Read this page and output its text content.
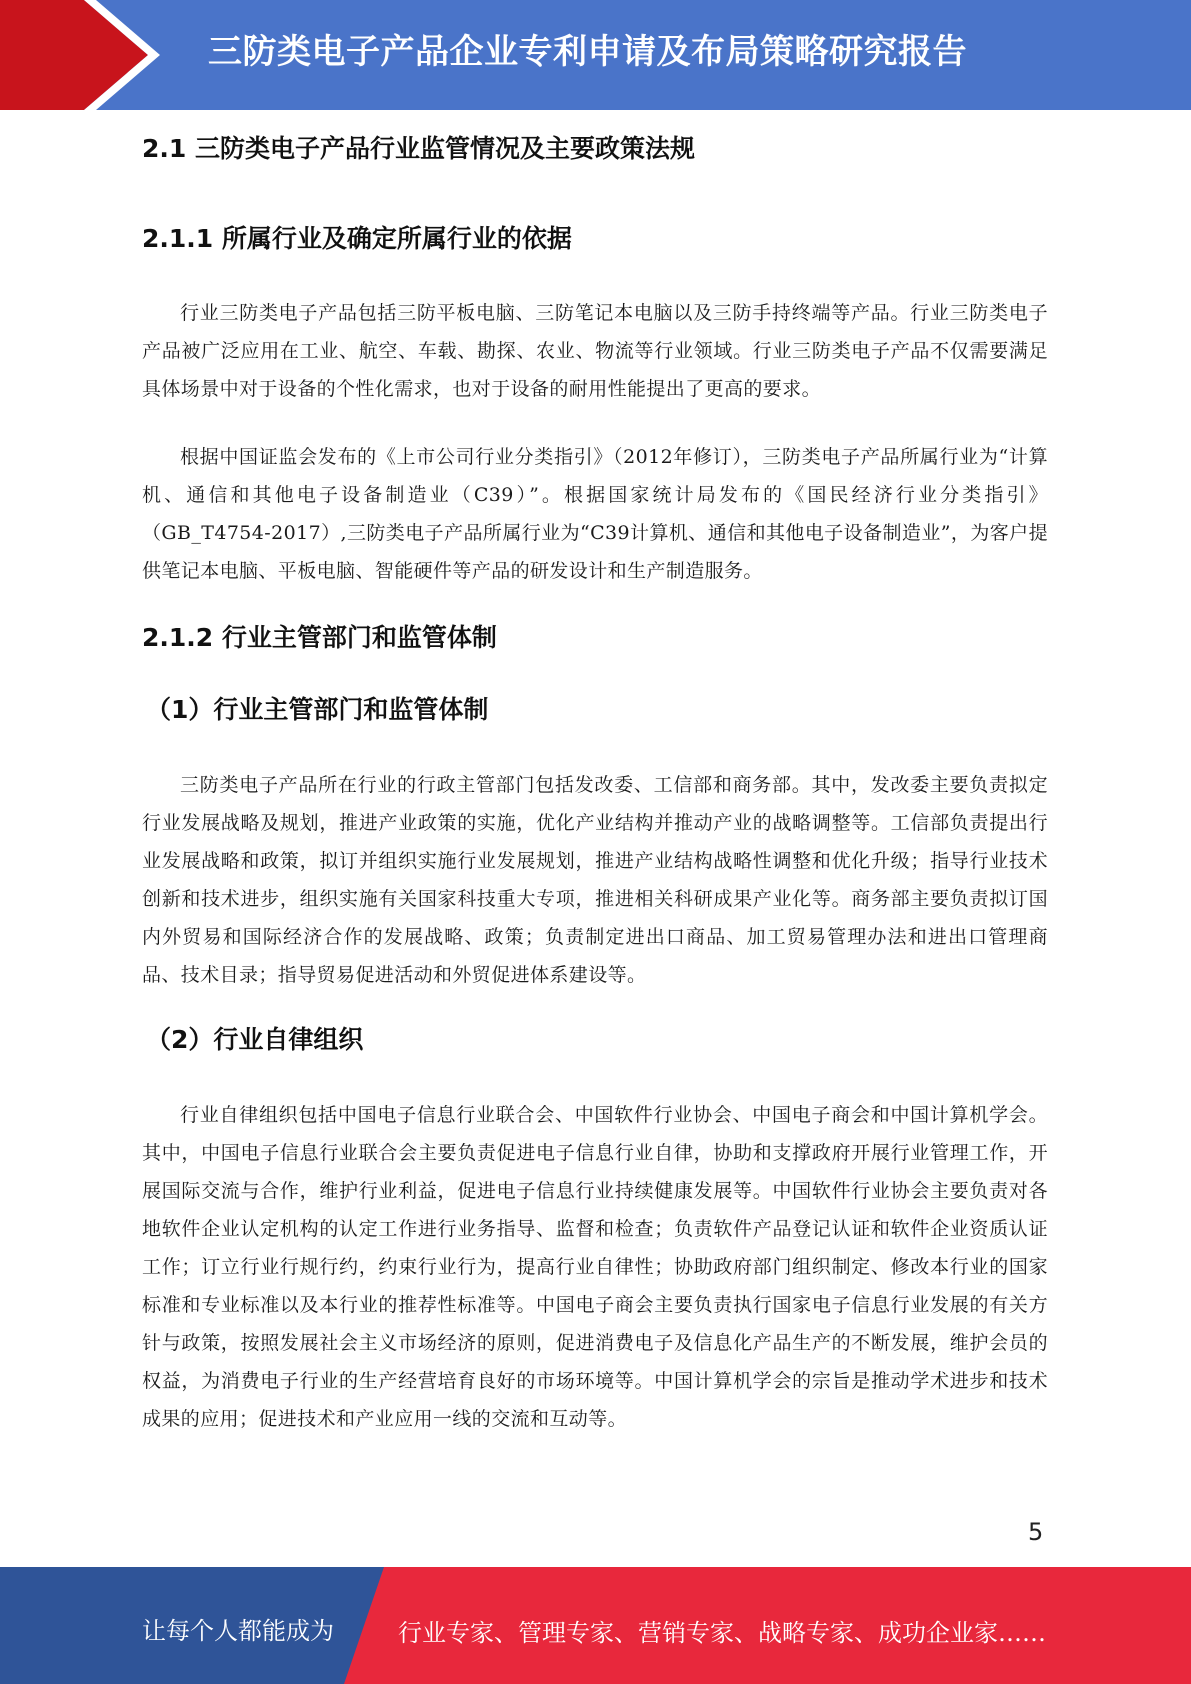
三防类电子产品企业专利申请及布局策略研究报告
2.1 三防类电子产品行业监管情况及主要政策法规
2.1.1 所属行业及确定所属行业的依据

行业三防类电子产品包括三防平板电脑、三防笔记本电脑以及三防手持终端等产品。行业三防类电子产品被广泛应用在工业、航空、车载、勘探、农业、物流等行业领域。行业三防类电子产品不仅需要满足具体场景中对于设备的个性化需求，也对于设备的耐用性能提出了更高的要求。

根据中国证监会发布的《上市公司行业分类指引》（2012年修订），三防类电子产品所属行业为“计算机、通信和其他电子设备制造业（C39）”。根据国家统计局发布的《国民经济行业分类指引》（GB_T4754-2017）,三防类电子产品所属行业为“C39计算机、通信和其他电子设备制造业”，为客户提供笔记本电脑、平板电脑、智能硬件等产品的研发设计和生产制造服务。

2.1.2 行业主管部门和监管体制
（1）行业主管部门和监管体制

三防类电子产品所在行业的行政主管部门包括发改委、工信部和商务部。其中，发改委主要负责拟定行业发展战略及规划，推进产业政策的实施，优化产业结构并推动产业的战略调整等。工信部负责提出行业发展战略和政策，拟订并组织实施行业发展规划，推进产业结构战略性调整和优化升级；指导行业技术创新和技术进步，组织实施有关国家科技重大专项，推进相关科研成果产业化等。商务部主要负责拟订国内外贸易和国际经济合作的发展战略、政策；负责制定进出口商品、加工贸易管理办法和进出口管理商品、技术目录；指导贸易促进活动和外贸促进体系建设等。

（2）行业自律组织

行业自律组织包括中国电子信息行业联合会、中国软件行业协会、中国电子商会和中国计算机学会。其中，中国电子信息行业联合会主要负责促进电子信息行业自律，协助和支撑政府开展行业管理工作，开展国际交流与合作，维护行业利益，促进电子信息行业持续健康发展等。中国软件行业协会主要负责对各地软件企业认定机构的认定工作进行业务指导、监督和检查；负责软件产品登记认证和软件企业资质认证工作；订立行业行规行约，约束行业行为，提高行业自律性；协助政府部门组织制定、修改本行业的国家标准和专业标准以及本行业的推荐性标准等。中国电子商会主要负责执行国家电子信息行业发展的有关方针与政策，按照发展社会主义市场经济的原则，促进消费电子及信息化产品生产的不断发展，维护会员的权益，为消费电子行业的生产经营培育良好的市场环境等。中国计算机学会的宗旨是推动学术进步和技术成果的应用；促进技术和产业应用一线的交流和互动等。

5
让每个人都能成为	行业专家、管理专家、营销专家、战略专家、成功企业家……
